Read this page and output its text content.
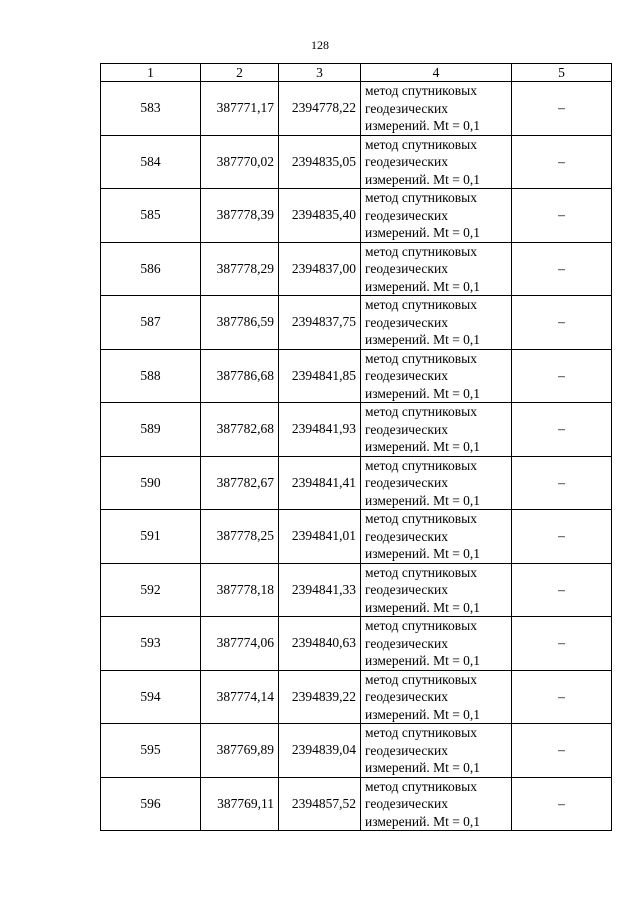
128
1	2	3	4	5
583	387771,17	2394778,22	метод спутниковых
геодезических
измерений. Mt = 0,1	–
584	387770,02	2394835,05	метод спутниковых
геодезических
измерений. Mt = 0,1	–
585	387778,39	2394835,40	метод спутниковых
геодезических
измерений. Mt = 0,1	–
586	387778,29	2394837,00	метод спутниковых
геодезических
измерений. Mt = 0,1	–
587	387786,59	2394837,75	метод спутниковых
геодезических
измерений. Mt = 0,1	–
588	387786,68	2394841,85	метод спутниковых
геодезических
измерений. Mt = 0,1	–
589	387782,68	2394841,93	метод спутниковых
геодезических
измерений. Mt = 0,1	–
590	387782,67	2394841,41	метод спутниковых
геодезических
измерений. Mt = 0,1	–
591	387778,25	2394841,01	метод спутниковых
геодезических
измерений. Mt = 0,1	–
592	387778,18	2394841,33	метод спутниковых
геодезических
измерений. Mt = 0,1	–
593	387774,06	2394840,63	метод спутниковых
геодезических
измерений. Mt = 0,1	–
594	387774,14	2394839,22	метод спутниковых
геодезических
измерений. Mt = 0,1	–
595	387769,89	2394839,04	метод спутниковых
геодезических
измерений. Mt = 0,1	–
596	387769,11	2394857,52	метод спутниковых
геодезических
измерений. Mt = 0,1	–
